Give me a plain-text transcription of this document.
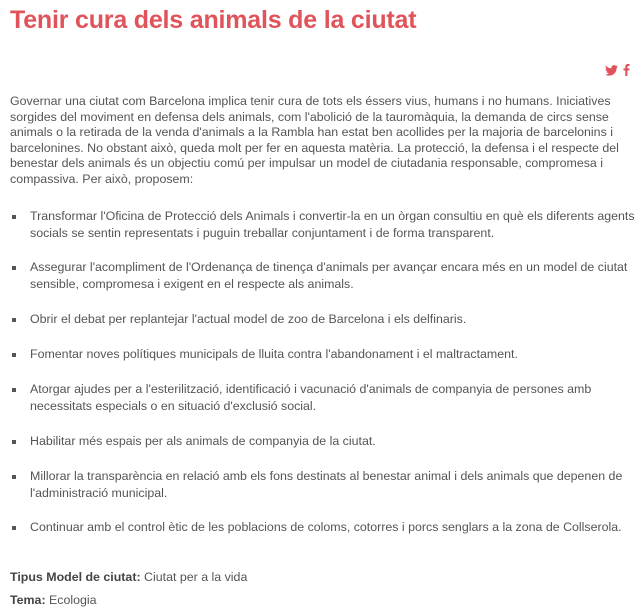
Tenir cura dels animals de la ciutat

Governar una ciutat com Barcelona implica tenir cura de tots els éssers vius, humans i no humans. Iniciatives sorgides del moviment en defensa dels animals, com l'abolició de la tauromàquia, la demanda de circs sense animals o la retirada de la venda d'animals a la Rambla han estat ben acollides per la majoria de barcelonins i barcelonines. No obstant això, queda molt per fer en aquesta matèria. La protecció, la defensa i el respecte del benestar dels animals és un objectiu comú per impulsar un model de ciutadania responsable, compromesa i compassiva. Per això, proposem:

Transformar l'Oficina de Protecció dels Animals i convertir-la en un òrgan consultiu en què els diferents agents socials se sentin representats i puguin treballar conjuntament i de forma transparent.
Assegurar l'acompliment de l'Ordenança de tinença d'animals per avançar encara més en un model de ciutat sensible, compromesa i exigent en el respecte als animals.
Obrir el debat per replantejar l'actual model de zoo de Barcelona i els delfinaris.
Fomentar noves polítiques municipals de lluita contra l'abandonament i el maltractament.
Atorgar ajudes per a l'esterilització, identificació i vacunació d'animals de companyia de persones amb necessitats especials o en situació d'exclusió social.
Habilitar més espais per als animals de companyia de la ciutat.
Millorar la transparència en relació amb els fons destinats al benestar animal i dels animals que depenen de l'administració municipal.
Continuar amb el control ètic de les poblacions de coloms, cotorres i porcs senglars a la zona de Collserola.
Tipus Model de ciutat: Ciutat per a la vida
Tema: Ecologia
